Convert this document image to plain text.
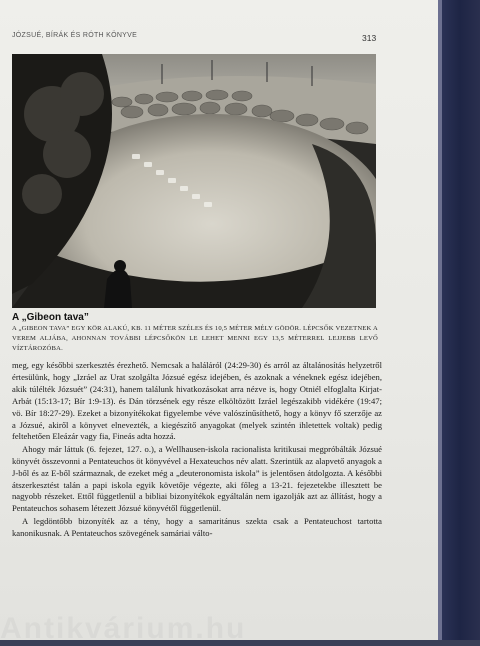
JÓZSUÉ, BÍRÁK ÉS RÓTH KÖNYVE	313
A „Gibeon tava”
A „GIBEON TAVA” EGY KÖR ALAKÚ, KB. 11 MÉTER SZÉLES ÉS 10,5 MÉTER MÉLY GÖDÖR. LÉPCSŐK VEZETNEK A VEREM ALJÁBA, AHONNAN TOVÁBBI LÉPCSŐKÖN LE LEHET MENNI EGY 13,5 MÉTERREL LEJJEBB LEVŐ VÍZTÁROZÓBA.

meg, egy későbbi szerkesztés érezhető. Nemcsak a haláláról (24:29-30) és arról az általánosítás helyzetről értesülünk, hogy „Izráel az Urat szolgálta Józsué egész idejében, és azoknak a véneknek egész idejében, akik túlélték Józsuét” (24:31), hanem találunk hivatkozásokat arra nézve is, hogy Otniél elfoglalta Kirjat-Arbát (15:13-17; Bír 1:9-13). és Dán törzsének egy része elköltözött Izráel legészakibb vidékére (19:47; vö. Bír 18:27-29). Ezeket a bizonyítékokat figyelembe véve valószínűsíthető, hogy a könyv fő szerzője az a Józsué, akiről a könyvet elnevezték, a kiegészítő anyagokat (melyek szintén ihletettek voltak) pedig feltehetően Eleázár vagy fia, Fineás adta hozzá.

Ahogy már láttuk (6. fejezet, 127. o.), a Wellhausen-iskola racionalista kritikusai megpróbálták Józsué könyvét összevonni a Pentateuchos öt könyvével a Hexateuchos név alatt. Szerintük az alapvető anyagok a J-ből és az E-ből származnak, de ezeket még a „deuteronomista iskola” is jelentősen átdolgozta. A későbbi átszerkesztést talán a papi iskola egyik követője végezte, aki főleg a 13-21. fejezetekbe illesztett be nagyobb részeket. Ettől függetlenül a bibliai bizonyítékok egyáltalán nem igazolják azt az állítást, hogy a Pentateuchos sohasem létezett Józsué könyvétől függetlenül.

A legdöntőbb bizonyíték az a tény, hogy a samaritánus szekta csak a Pentateuchost tartotta kanonikusnak. A Pentateuchos szövegének samáriai válto-

Antikvárium.hu
